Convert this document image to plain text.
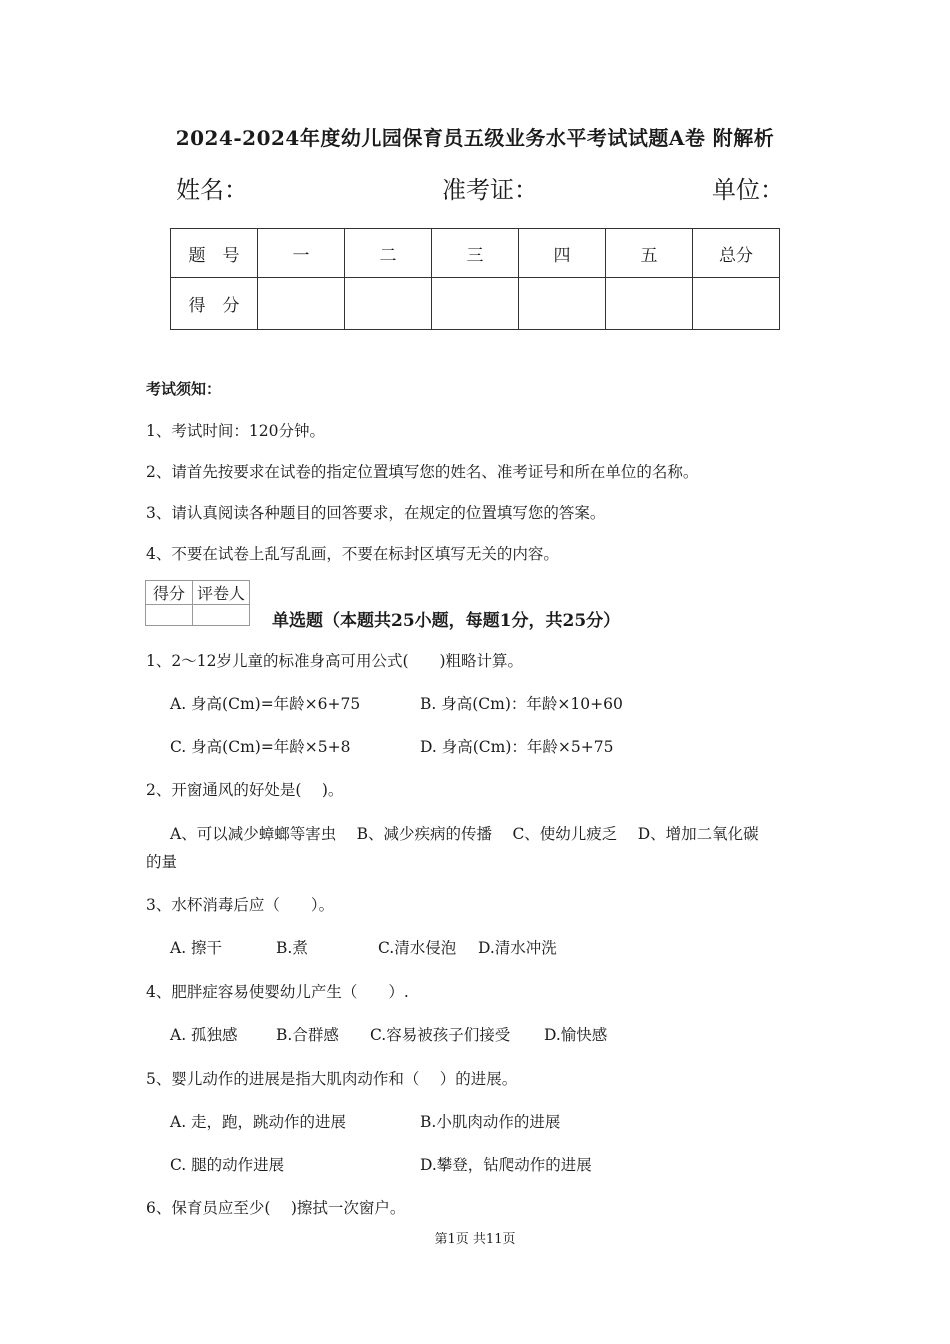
2024-2024年度幼儿园保育员五级业务水平考试试题A卷 附解析
姓名：	准考证：	单位：
题　号	一	二	三	四	五	总分
得　分						
考试须知：
1、考试时间：120分钟。
2、请首先按要求在试卷的指定位置填写您的姓名、准考证号和所在单位的名称。
3、请认真阅读各种题目的回答要求，在规定的位置填写您的答案。
4、不要在试卷上乱写乱画，不要在标封区填写无关的内容。
得分	评卷人

单选题（本题共25小题，每题1分，共25分）
1、2～12岁儿童的标准身高可用公式(　　)粗略计算。
A. 身高(Cm)=年龄×6+75	B. 身高(Cm)：年龄×10+60
C. 身高(Cm)=年龄×5+8	D. 身高(Cm)：年龄×5+75
2、开窗通风的好处是(　 )。
A、可以减少蟑螂等害虫　 B、减少疾病的传播　 C、使幼儿疲乏　 D、增加二氧化碳
的量
3、水杯消毒后应（　　）。
A. 擦干	B.煮	C.清水侵泡 D.清水冲洗
4、肥胖症容易使婴幼儿产生（　　）.
A. 孤独感 B.合群感 C.容易被孩子们接受 D.愉快感
5、婴儿动作的进展是指大肌肉动作和（　 ）的进展。
A. 走，跑，跳动作的进展	B.小肌肉动作的进展
C. 腿的动作进展	D.攀登，钻爬动作的进展
6、保育员应至少(　 )擦拭一次窗户。
第1页 共11页
